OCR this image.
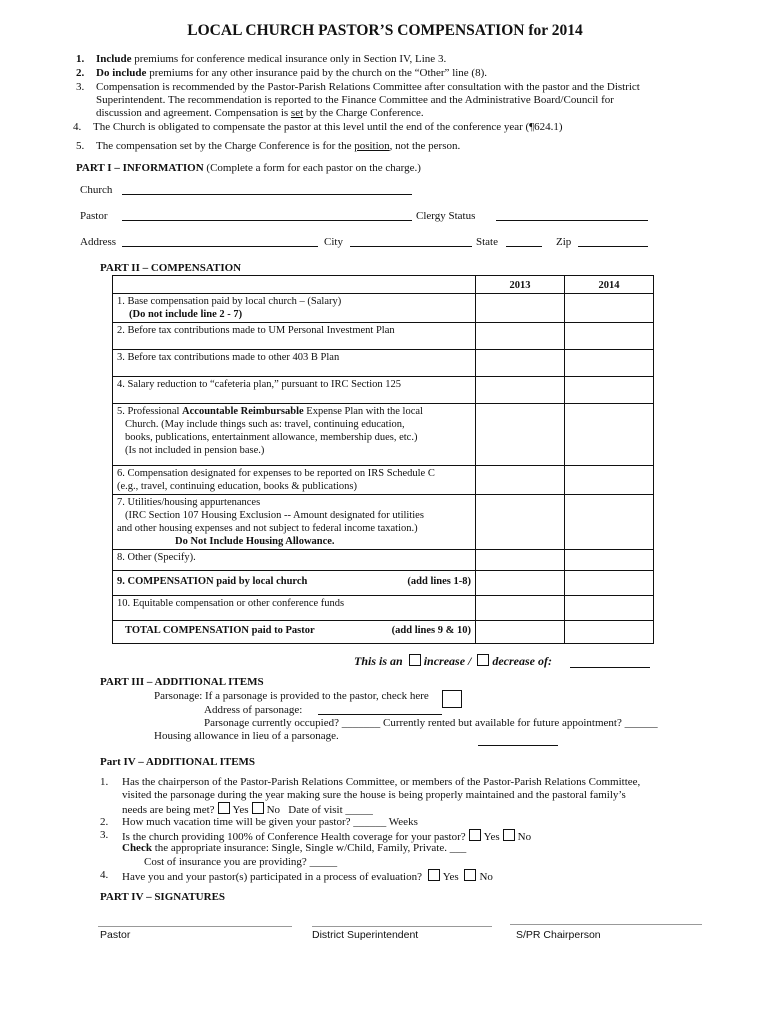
LOCAL CHURCH PASTOR’S COMPENSATION for 2014
1. Include premiums for conference medical insurance only in Section IV, Line 3.
2. Do include premiums for any other insurance paid by the church on the “Other” line (8).
3. Compensation is recommended by the Pastor-Parish Relations Committee after consultation with the pastor and the District
Superintendent. The recommendation is reported to the Finance Committee and the Administrative Board/Council for
discussion and agreement. Compensation is set by the Charge Conference.
4. The Church is obligated to compensate the pastor at this level until the end of the conference year (¶624.1)
5. The compensation set by the Charge Conference is for the position, not the person.
PART I – INFORMATION (Complete a form for each pastor on the charge.)
Church
Pastor	Clergy Status
Address	City	State	Zip
PART II – COMPENSATION
	2013	2014
1. Base compensation paid by local church – (Salary)
(Do not include line 2 - 7)		
2. Before tax contributions made to UM Personal Investment Plan		
3. Before tax contributions made to other 403 B Plan		
4. Salary reduction to “cafeteria plan,” pursuant to IRC Section 125		
5. Professional Accountable Reimbursable Expense Plan with the local
Church. (May include things such as: travel, continuing education,
books, publications, entertainment allowance, membership dues, etc.)
(Is not included in pension base.)		
6. Compensation designated for expenses to be reported on IRS Schedule C
(e.g., travel, continuing education, books & publications)		
7. Utilities/housing appurtenances
(IRC Section 107 Housing Exclusion -- Amount designated for utilities
and other housing expenses and not subject to federal income taxation.)
Do Not Include Housing Allowance.		
8. Other (Specify).		
9. COMPENSATION paid by local church (add lines 1-8)		

10. Equitable compensation or other conference funds		
TOTAL COMPENSATION paid to Pastor (add lines 9 & 10)		

This is an increase / decrease of:
PART III – ADDITIONAL ITEMS
Parsonage: If a parsonage is provided to the pastor, check here
Address of parsonage:
Parsonage currently occupied? _______ Currently rented but available for future appointment? ______
Housing allowance in lieu of a parsonage.
Part IV – ADDITIONAL ITEMS
1. Has the chairperson of the Pastor-Parish Relations Committee, or members of the Pastor-Parish Relations Committee,
visited the parsonage during the year making sure the house is being properly maintained and the pastoral family’s
needs are being met? Yes No Date of visit _____
2. How much vacation time will be given your pastor? ______ Weeks
3. Is the church providing 100% of Conference Health coverage for your pastor? Yes No
Check the appropriate insurance: Single, Single w/Child, Family, Private. ___
Cost of insurance you are providing? _____
4. Have you and your pastor(s) participated in a process of evaluation? Yes No
PART IV – SIGNATURES
Pastor	District Superintendent	S/PR Chairperson
